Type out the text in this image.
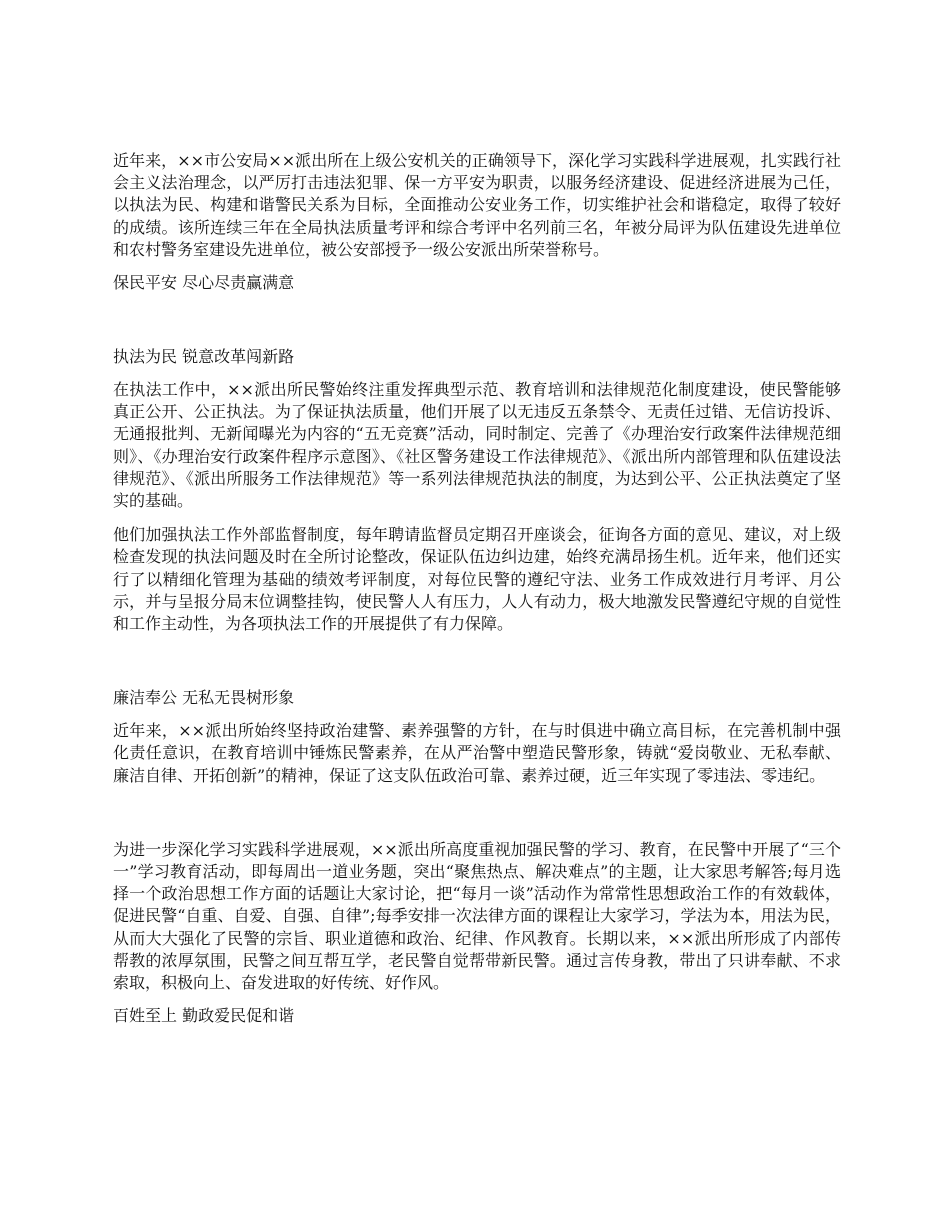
近年来，××市公安局××派出所在上级公安机关的正确领导下，深化学习实践科学进展观，扎实践行社会主义法治理念，以严厉打击违法犯罪、保一方平安为职责，以服务经济建设、促进经济进展为己任，以执法为民、构建和谐警民关系为目标，全面推动公安业务工作，切实维护社会和谐稳定，取得了较好的成绩。该所连续三年在全局执法质量考评和综合考评中名列前三名，年被分局评为队伍建设先进单位和农村警务室建设先进单位，被公安部授予一级公安派出所荣誉称号。

保民平安 尽心尽责赢满意

执法为民 锐意改革闯新路

在执法工作中，××派出所民警始终注重发挥典型示范、教育培训和法律规范化制度建设，使民警能够真正公开、公正执法。为了保证执法质量，他们开展了以无违反五条禁令、无责任过错、无信访投诉、无通报批判、无新闻曝光为内容的“五无竞赛”活动，同时制定、完善了《办理治安行政案件法律规范细则》、《办理治安行政案件程序示意图》、《社区警务建设工作法律规范》、《派出所内部管理和队伍建设法律规范》、《派出所服务工作法律规范》等一系列法律规范执法的制度，为达到公平、公正执法奠定了坚实的基础。

他们加强执法工作外部监督制度，每年聘请监督员定期召开座谈会，征询各方面的意见、建议，对上级检查发现的执法问题及时在全所讨论整改，保证队伍边纠边建，始终充满昂扬生机。近年来，他们还实行了以精细化管理为基础的绩效考评制度，对每位民警的遵纪守法、业务工作成效进行月考评、月公示，并与呈报分局末位调整挂钩，使民警人人有压力，人人有动力，极大地激发民警遵纪守规的自觉性和工作主动性，为各项执法工作的开展提供了有力保障。

廉洁奉公 无私无畏树形象

近年来，××派出所始终坚持政治建警、素养强警的方针，在与时俱进中确立高目标，在完善机制中强化责任意识，在教育培训中锤炼民警素养，在从严治警中塑造民警形象，铸就“爱岗敬业、无私奉献、廉洁自律、开拓创新”的精神，保证了这支队伍政治可靠、素养过硬，近三年实现了零违法、零违纪。

为进一步深化学习实践科学进展观，××派出所高度重视加强民警的学习、教育，在民警中开展了“三个一”学习教育活动，即每周出一道业务题，突出“聚焦热点、解决难点”的主题，让大家思考解答;每月选择一个政治思想工作方面的话题让大家讨论，把“每月一谈”活动作为常常性思想政治工作的有效载体，促进民警“自重、自爱、自强、自律”;每季安排一次法律方面的课程让大家学习，学法为本，用法为民，从而大大强化了民警的宗旨、职业道德和政治、纪律、作风教育。长期以来，××派出所形成了内部传帮教的浓厚氛围，民警之间互帮互学，老民警自觉帮带新民警。通过言传身教，带出了只讲奉献、不求索取，积极向上、奋发进取的好传统、好作风。

百姓至上 勤政爱民促和谐
